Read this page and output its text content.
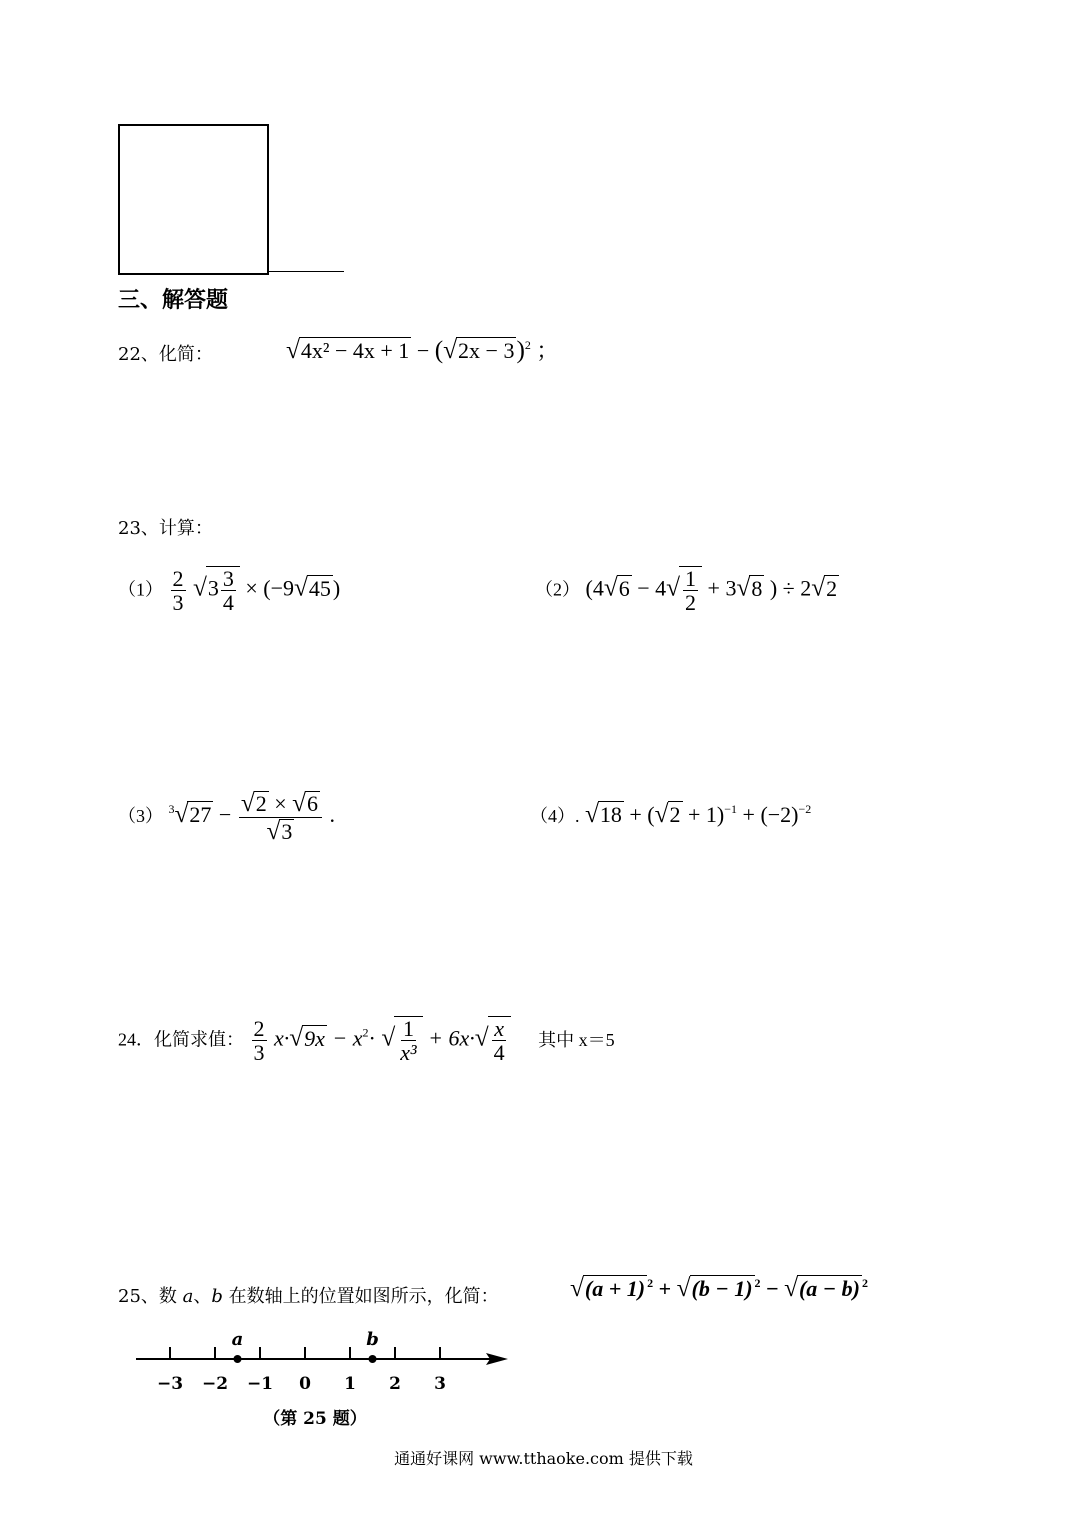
三、解答题
22、化简：	$√4x^2 - 4x + 1 - (√2x - 3)^2$ ；
23、计算：
$(1) \frac{2}{3} √3 \frac{3}{4} \times (-9√45)$	（2） ($4√6 - 4√ \frac{1}{2} + 3√8$ ) ÷ 2√2
（3） $^3√27 - \frac{√2 \times √6}{√3}$ .	（4）. $√18 + (√2 + 1)^{-1} + (-2)^{-2}$
24．化简求值： $\frac{2}{3} x\cdot√9x - x^2\cdot$ √ $\frac{1}{\text{x³}} + 6x\cdot√ \frac{x}{4}$ 其中 x＝5
25、数 a、b 在数轴上的位置如图所示，化简：	√(a + 1) $^2$ + √(b − 1) $^2$ − √(a − b) $^2$
−3 −2 −1 0 1 2 3
a	b
（第 25 题）
通通好课网 www.tthaoke.com 提供下载
